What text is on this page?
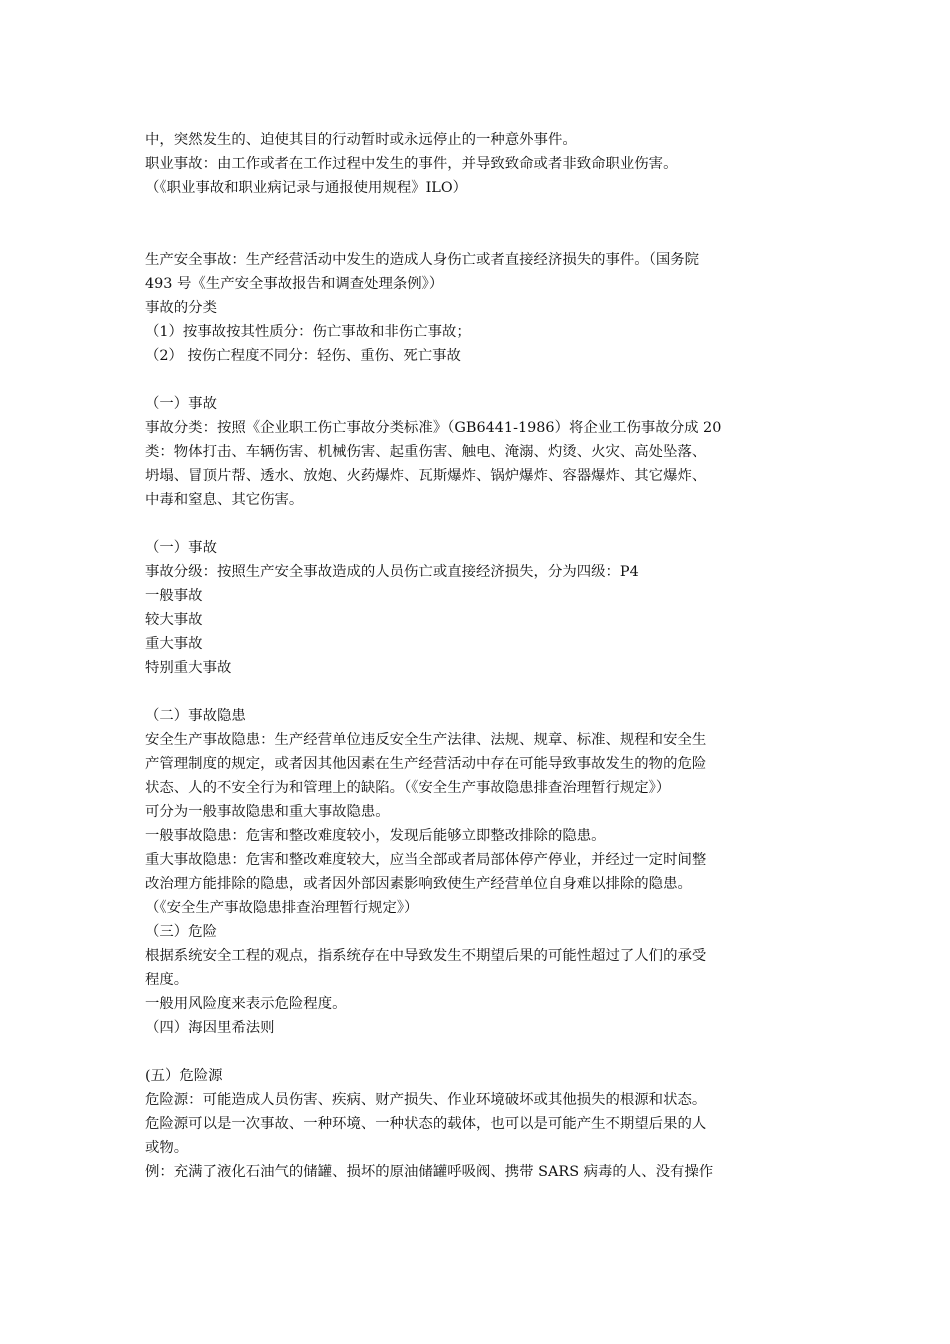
中，突然发生的、迫使其目的行动暂时或永远停止的一种意外事件。
职业事故：由工作或者在工作过程中发生的事件，并导致致命或者非致命职业伤害。
（《职业事故和职业病记录与通报使用规程》ILO）
生产安全事故：生产经营活动中发生的造成人身伤亡或者直接经济损失的事件。（国务院
493 号《生产安全事故报告和调查处理条例》）
事故的分类
（1）按事故按其性质分：伤亡事故和非伤亡事故；
（2） 按伤亡程度不同分：轻伤、重伤、死亡事故
（一）事故
事故分类：按照《企业职工伤亡事故分类标准》（GB6441-1986）将企业工伤事故分成 20
类：物体打击、车辆伤害、机械伤害、起重伤害、触电、淹溺、灼烫、火灾、高处坠落、
坍塌、冒顶片帮、透水、放炮、火药爆炸、瓦斯爆炸、锅炉爆炸、容器爆炸、其它爆炸、
中毒和窒息、其它伤害。
（一）事故
事故分级：按照生产安全事故造成的人员伤亡或直接经济损失，分为四级：P4
一般事故
较大事故
重大事故
特别重大事故
（二）事故隐患
安全生产事故隐患：生产经营单位违反安全生产法律、法规、规章、标准、规程和安全生
产管理制度的规定，或者因其他因素在生产经营活动中存在可能导致事故发生的物的危险
状态、人的不安全行为和管理上的缺陷。（《安全生产事故隐患排查治理暂行规定》）
可分为一般事故隐患和重大事故隐患。
一般事故隐患：危害和整改难度较小，发现后能够立即整改排除的隐患。
重大事故隐患：危害和整改难度较大，应当全部或者局部体停产停业，并经过一定时间整
改治理方能排除的隐患，或者因外部因素影响致使生产经营单位自身难以排除的隐患。
（《安全生产事故隐患排查治理暂行规定》）
（三）危险
根据系统安全工程的观点，指系统存在中导致发生不期望后果的可能性超过了人们的承受
程度。
一般用风险度来表示危险程度。
（四）海因里希法则
(五）危险源
危险源：可能造成人员伤害、疾病、财产损失、作业环境破坏或其他损失的根源和状态。
危险源可以是一次事故、一种环境、一种状态的载体，也可以是可能产生不期望后果的人
或物。
例：充满了液化石油气的储罐、损坏的原油储罐呼吸阀、携带 SARS 病毒的人、没有操作
